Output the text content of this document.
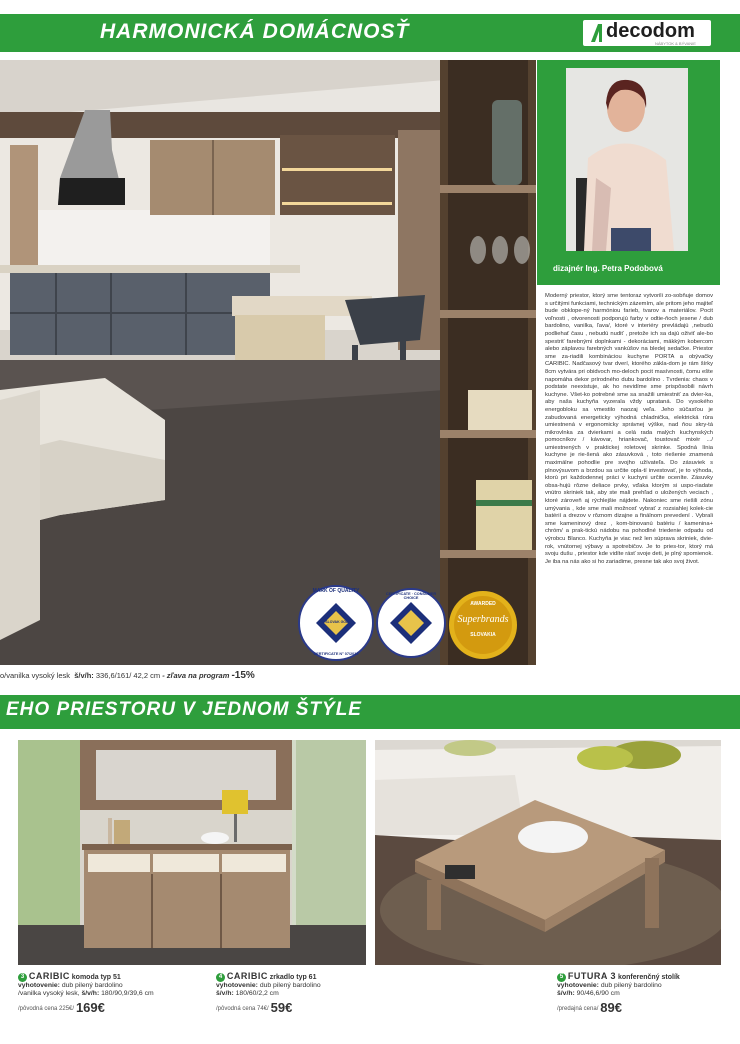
HARMONICKÁ DOMÁCNOSŤ	decodom
NÁBYTOK & BÝVANIE
MARK OF QUALITY
SLOVAK GOLD
CERTIFICATE N° 07/2012
CERTIFICATE · CONSUMER CHOICE
AWARDED
Superbrands
SLOVAKIA
dizajnér Ing. Petra Podobová
Moderný priestor, ktorý sme tentoraz vytvorili zo-sobňuje domov s určitými funkciami, technickým zázemím, ale pritom jeho majiteľ bude obklope-ný harmóniou farieb, tvarov a materiálov. Pocit voľnosti , otvorenosti podporujú farby v odtie-ňoch jesene / dub bardolino, vanilka, ľava/, ktoré v interiéry prevládajú ,nebudú podliehať času , nebudú nudiť , pretože ich sa dajú oživiť ale-bo spestriť farebnými doplnkami - dekoráciami, mäkkým kobercom alebo záplavou farebných vankúšov na bledej sedačke. Priestor sme za-riadili kombináciou kuchyne PORTA a obývačky CARIBIC. Nadčasový tvar dverí, ktorého zákla-dom je rám šírky 8cm vytvára pri obidvoch mo-deloch pocit masívnosti, čomu ešte napomáha dekor prírodného dubu bardolino . Tvrdenia: chaos v podstate neexistuje, ak ho nevidíme sme prispôsobili návrh kuchyne. Všet-ko potrebné sme sa snažili umiestniť za dvier-ka, aby naša kuchyňa vyzerala vždy uprataná. Do vysokého energobloku sa vmestilo naozaj veľa. Jeho súčasťou je zabudovaná energeticky výhodná chladnička, elektrická rúra umiestnená v ergonomicky správnej výške, nad ňou skry-tá mikrovlnka za dvierkami a celá rada malých kuchynských pomocníkov / kávovar, hriankovač, toustovač mixér .../ umiestnených v praktickej roletovej skrinke. Spodná línia kuchyne je rie-šená ako zásuvková , toto riešenie znamená maximálne pohodlie pre svojho užívateľa. Do zásuviek s plnovýsuvom a brzdou sa určite opla-tí investovať, je to výhoda, ktorú pri každodennej práci v kuchyni určite oceníte. Zásuvky obsa-hujú rôzne deliace prvky, vďaka ktorým si uspo-riadate vnútro skriniek tak, aby ste mali prehľad o uložených veciach , ktoré zároveň aj rýchlejšie nájdete. Nakoniec sme riešili zónu umývania , kde sme mali možnosť vybrať z rozsiahlej kolek-cie batérií a drezov v rôznom dizajne a finálnom prevedení . Vybrali sme kameninový drez , kom-binovanú batériu / kamenina+ chróm/ a prak-tickú nádobu na pohodlné triedenie odpadu od výrobcu Blanco. Kuchyňa je viac než len súprava skriniek, dvie-rok, vnútornej výbavy a spotrebičov. Je to pries-tor, ktorý má svoju dušu , priestor kde vidíte rásť svoje deti, je plný spomienok. Je iba na nás ako si ho zariadime, presne tak ako svoj život.
o/vanilka vysoký lesk š/v/h: 336,6/161/ 42,2 cm - zľava na program -15%
EHO PRIESTORU V JEDNOM ŠTÝLE
3 CARIBIC komoda typ 51
vyhotovenie: dub pilený bardolino
/vanilka vysoký lesk, š/v/h: 180/90,9/39,6 cm
/pôvodná cena 225€/ 169€
4 CARIBIC zrkadlo typ 61
vyhotovenie: dub pilený bardolino
š/v/h: 180/60/2,2 cm
/pôvodná cena 74€/ 59€
5 FUTURA 3 konferenčný stolík
vyhotovenie: dub pilený bardolino
š/v/h: 90/46,6/90 cm
/predajná cena/ 89€
